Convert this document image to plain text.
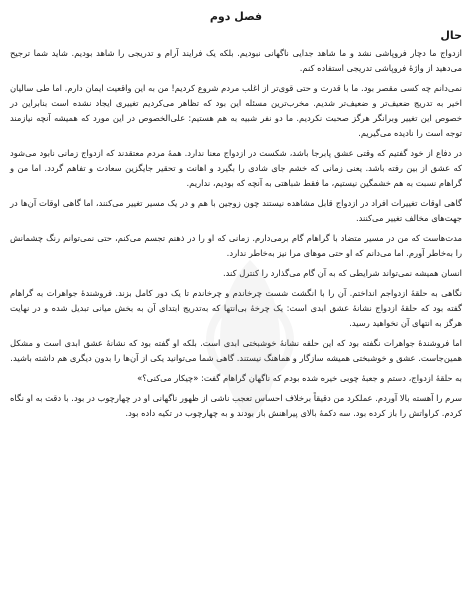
فصل دوم
حال

ازدواج ما دچار فروپاشی نشد و ما شاهد جدایی ناگهانی نبودیم. بلکه یک فرایند آرام و تدریجی را شاهد بودیم. شاید شما ترجیح می‌دهید از واژهٔ فروپاشی تدریجی استفاده کنم.

نمی‌دانم چه کسی مقصر بود. ما با قدرت و حتی قوی‌تر از اغلب مردم شروع کردیم! من به این واقعیت ایمان دارم. اما طی سالیان اخیر به تدریج ضعیف‌تر و ضعیف‌تر شدیم. مخرب‌ترین مسئله این بود که تظاهر می‌کردیم تغییری ایجاد نشده است بنابراین در خصوص این تغییر وبرانگر هرگز صحبت نکردیم. ما دو نفر شبیه به هم هستیم: علی‌الخصوص در این مورد که همیشه آنچه نیازمند توجه است را نادیده می‌گیریم.

در دفاع از خود گفتیم که وقتی عشق پابرجا باشد، شکست در ازدواج معنا ندارد. همهٔ مردم معتقدند که ازدواج زمانی نابود می‌شود که عشق از بین رفته باشد. یعنی زمانی که خشم جای شادی را بگیرد و اهانت و تحقیر جایگزین سعادت و تفاهم گردد. اما من و گراهام نسبت به هم خشمگین نیستیم، ما فقط شباهتی به آنچه که بودیم، نداریم.

گاهی اوقات تغییرات افراد در ازدواج قابل مشاهده نیستند چون زوجین با هم و در یک مسیر تغییر می‌کنند، اما گاهی اوقات آن‌ها در جهت‌های مخالف تغییر می‌کنند.

مدت‌هاست که من در مسیر متضاد با گراهام گام برمی‌دارم. زمانی که او را در ذهنم تجسم می‌کنم، حتی نمی‌توانم رنگ چشمانش را به‌خاطر آورم. اما می‌دانم که او حتی موهای مرا نیز به‌خاطر ندارد.

انسان همیشه نمی‌تواند شرایطی که به آن گام می‌گذارد را کنترل کند.

نگاهی به حلقهٔ ازدواجم انداختم. آن را با انگشت شست چرخاندم و چرخاندم تا یک دور کامل بزند. فروشندهٔ جواهرات به گراهام گفته بود که حلقهٔ ازدواج نشانهٔ عشق ابدی است: یک چرخهٔ بی‌انتها که به‌تدریج ابتدای آن به بخش میانی تبدیل شده و در نهایت هرگز به انتهای آن نخواهید رسید.

اما فروشندهٔ جواهرات نگفته بود که این حلقه نشانهٔ خوشبختی ابدی است. بلکه او گفته بود که نشانهٔ عشق ابدی است و مشکل همین‌جاست. عشق و خوشبختی همیشه سازگار و هماهنگ نیستند. گاهی شما می‌توانید یکی از آن‌ها را بدون دیگری هم داشته باشید.

به حلقهٔ ازدواج، دستم و جعبهٔ چوبی خیره شده بودم که ناگهان گراهام گفت: «چیکار می‌کنی؟»

سرم را آهسته بالا آوردم. عملکرد من دقیقاً برخلاف احساس تعجب ناشی از ظهور ناگهانی او در چهارچوب در بود. با دقت به او نگاه کردم. کراواتش را باز کرده بود. سه دکمهٔ بالای پیراهنش باز بودند و به چهارچوب در تکیه داده بود.
